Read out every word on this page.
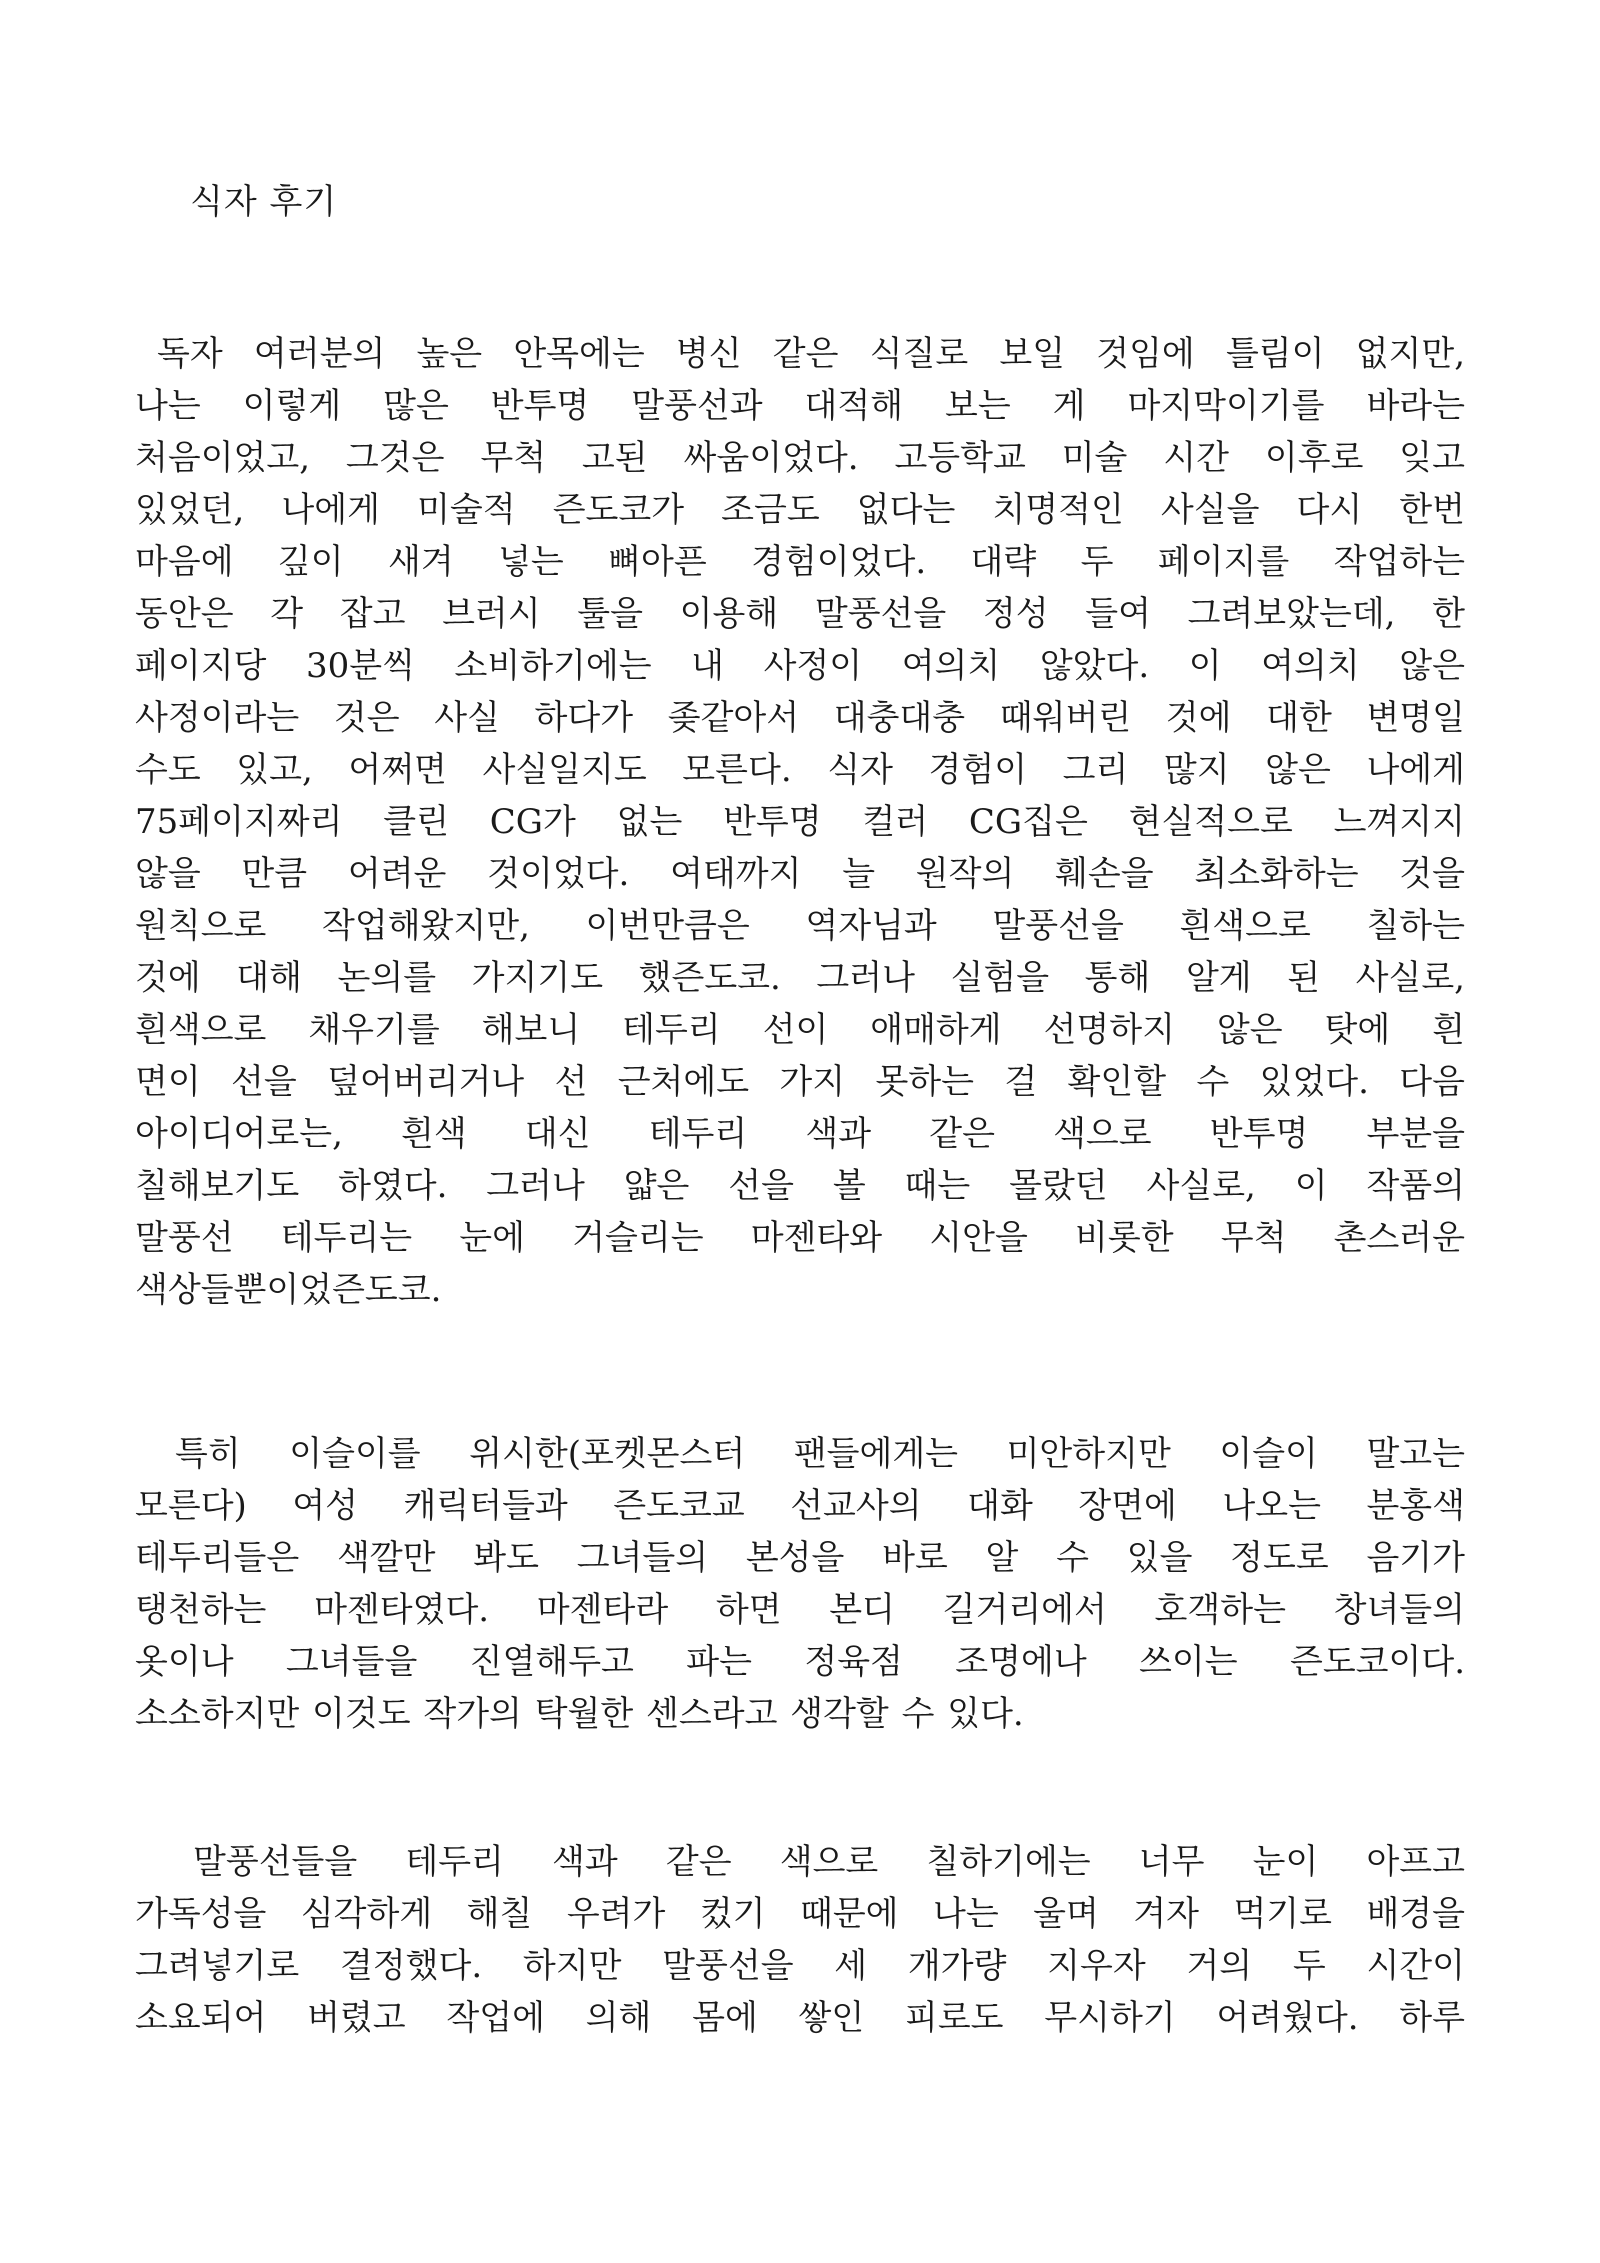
식자 후기
독자 여러분의 높은 안목에는 병신 같은 식질로 보일 것임에 틀림이 없지만,
나는 이렇게 많은 반투명 말풍선과 대적해 보는 게 마지막이기를 바라는
처음이었고, 그것은 무척 고된 싸움이었다. 고등학교 미술 시간 이후로 잊고
있었던, 나에게 미술적 즌도코가 조금도 없다는 치명적인 사실을 다시 한번
마음에 깊이 새겨 넣는 뼈아픈 경험이었다. 대략 두 페이지를 작업하는
동안은 각 잡고 브러시 툴을 이용해 말풍선을 정성 들여 그려보았는데, 한
페이지당 30분씩 소비하기에는 내 사정이 여의치 않았다. 이 여의치 않은
사정이라는 것은 사실 하다가 좆같아서 대충대충 때워버린 것에 대한 변명일
수도 있고, 어쩌면 사실일지도 모른다. 식자 경험이 그리 많지 않은 나에게
75페이지짜리 클린 CG가 없는 반투명 컬러 CG집은 현실적으로 느껴지지
않을 만큼 어려운 것이었다. 여태까지 늘 원작의 훼손을 최소화하는 것을
원칙으로 작업해왔지만, 이번만큼은 역자님과 말풍선을 흰색으로 칠하는
것에 대해 논의를 가지기도 했즌도코. 그러나 실험을 통해 알게 된 사실로,
흰색으로 채우기를 해보니 테두리 선이 애매하게 선명하지 않은 탓에 흰
면이 선을 덮어버리거나 선 근처에도 가지 못하는 걸 확인할 수 있었다. 다음
아이디어로는, 흰색 대신 테두리 색과 같은 색으로 반투명 부분을
칠해보기도 하였다. 그러나 얇은 선을 볼 때는 몰랐던 사실로, 이 작품의
말풍선 테두리는 눈에 거슬리는 마젠타와 시안을 비롯한 무척 촌스러운
색상들뿐이었즌도코.
특히 이슬이를 위시한(포켓몬스터 팬들에게는 미안하지만 이슬이 말고는
모른다) 여성 캐릭터들과 즌도코교 선교사의 대화 장면에 나오는 분홍색
테두리들은 색깔만 봐도 그녀들의 본성을 바로 알 수 있을 정도로 음기가
탱천하는 마젠타였다. 마젠타라 하면 본디 길거리에서 호객하는 창녀들의
옷이나 그녀들을 진열해두고 파는 정육점 조명에나 쓰이는 즌도코이다.
소소하지만 이것도 작가의 탁월한 센스라고 생각할 수 있다.
말풍선들을 테두리 색과 같은 색으로 칠하기에는 너무 눈이 아프고
가독성을 심각하게 해칠 우려가 컸기 때문에 나는 울며 겨자 먹기로 배경을
그려넣기로 결정했다. 하지만 말풍선을 세 개가량 지우자 거의 두 시간이
소요되어 버렸고 작업에 의해 몸에 쌓인 피로도 무시하기 어려웠다. 하루
